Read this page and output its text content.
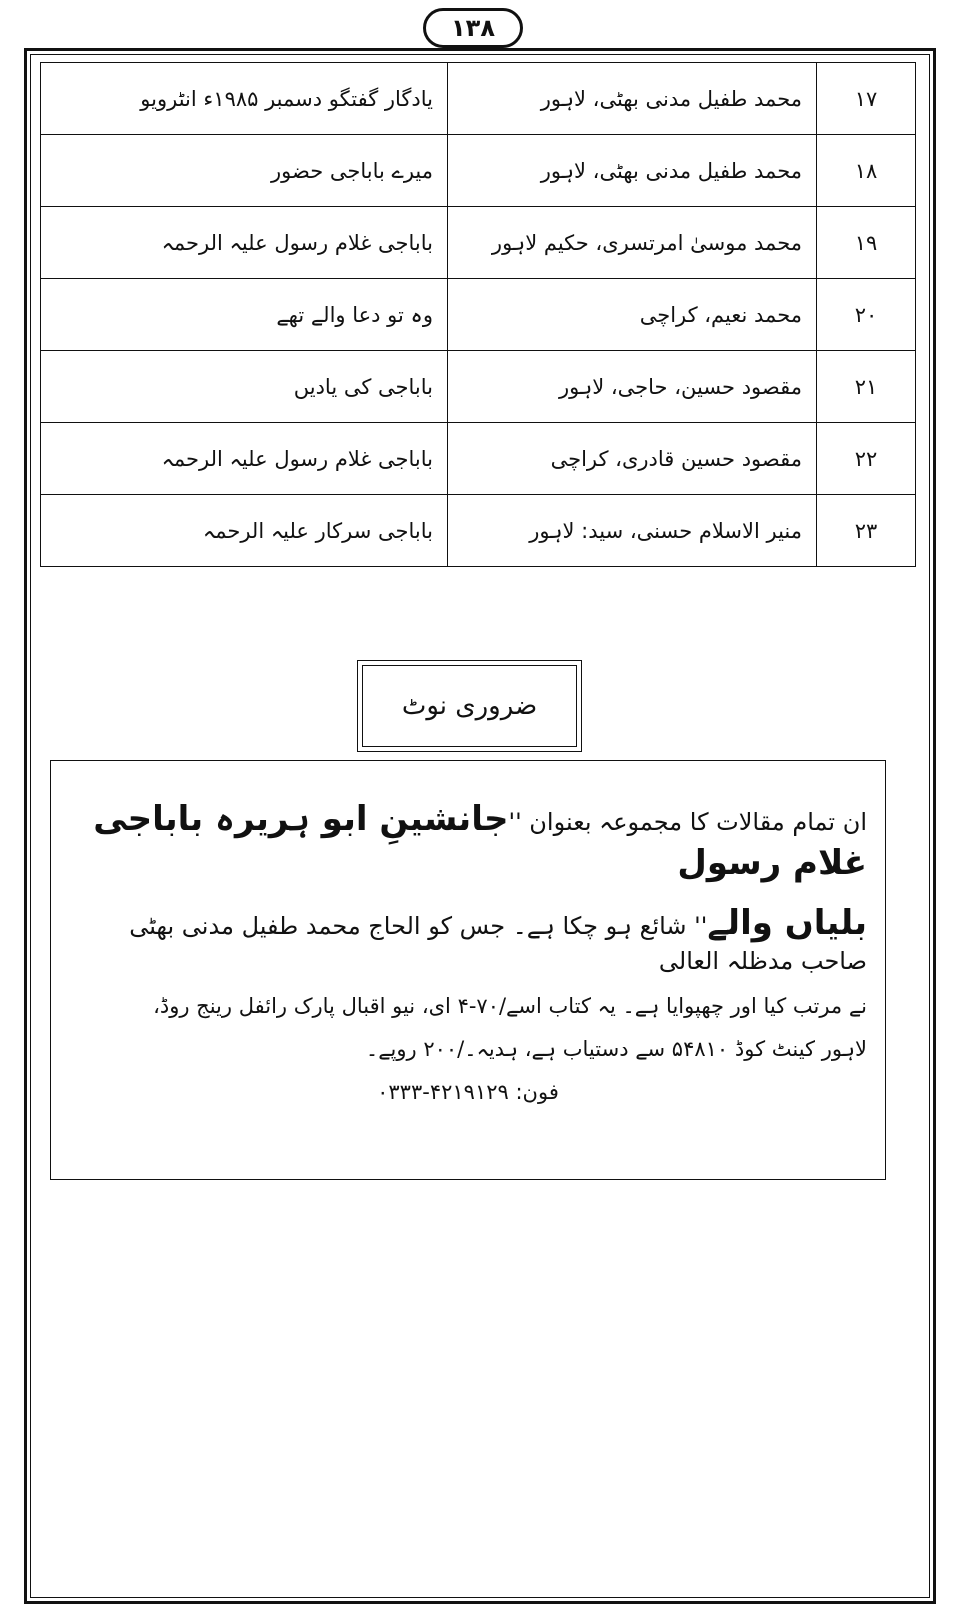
۱۳۸
۱۷	محمد طفیل مدنی بھٹی، لاہور	یادگار گفتگو دسمبر ۱۹۸۵ء انٹرویو
۱۸	محمد طفیل مدنی بھٹی، لاہور	میرے باباجی حضور
۱۹	محمد موسیٰ امرتسری، حکیم لاہور	باباجی غلام رسول علیہ الرحمہ
۲۰	محمد نعیم، کراچی	وہ تو دعا والے تھے
۲۱	مقصود حسین، حاجی، لاہور	باباجی کی یادیں
۲۲	مقصود حسین قادری، کراچی	باباجی غلام رسول علیہ الرحمہ
۲۳	منیر الاسلام حسنی، سید: لاہور	باباجی سرکار علیہ الرحمہ
ضروری نوٹ
ان تمام مقالات کا مجموعہ بعنوان ''جانشینِ ابو ہریرہ باباجی غلام رسول
بلیاں والے'' شائع ہو چکا ہے۔ جس کو الحاج محمد طفیل مدنی بھٹی صاحب مدظلہ العالی
نے مرتب کیا اور چھپوایا ہے۔ یہ کتاب اسے/۷۰-۴ ای، نیو اقبال پارک رائفل رینج روڈ،
لاہور کینٹ کوڈ ۵۴۸۱۰ سے دستیاب ہے، ہدیہ۔/۲۰۰ روپے۔
فون: ۴۲۱۹۱۲۹-۰۳۳۳
